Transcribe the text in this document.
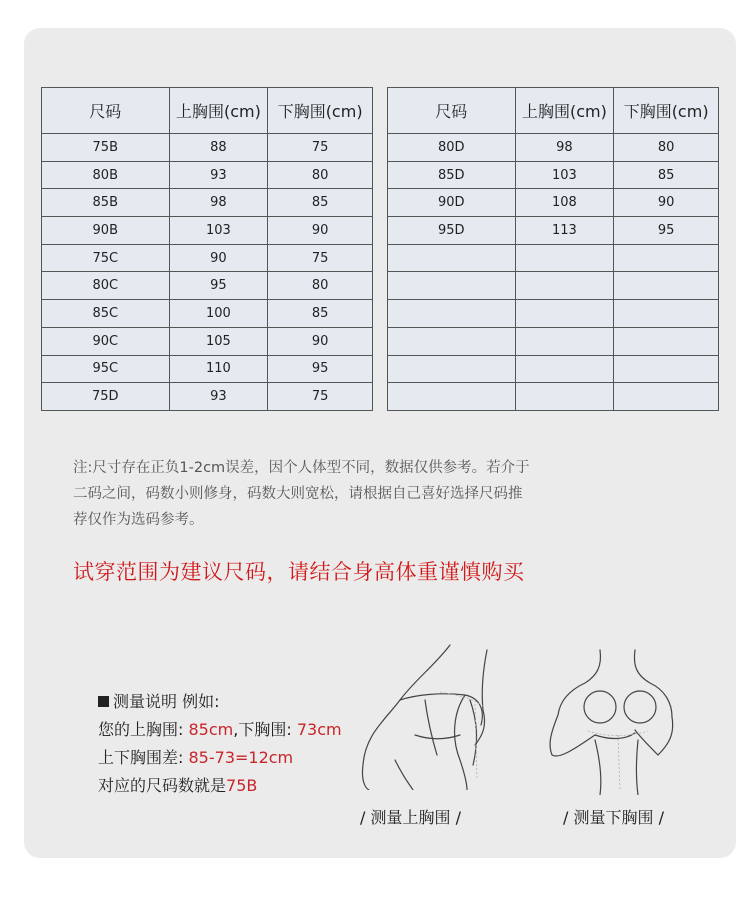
尺码	上胸围(cm)	下胸围(cm)
75B	88	75
80B	93	80
85B	98	85
90B	103	90
75C	90	75
80C	95	80
85C	100	85
90C	105	90
95C	110	95
75D	93	75
尺码	上胸围(cm)	下胸围(cm)
80D	98	80
85D	103	85
90D	108	90
95D	113	95

注:尺寸存在正负1-2cm误差，因个人体型不同，数据仅供参考。若介于
二码之间，码数小则修身，码数大则宽松，请根据自己喜好选择尺码推
荐仅作为选码参考。
试穿范围为建议尺码，请结合身高体重谨慎购买
测量说明 例如:
您的上胸围: 85cm,下胸围: 73cm
上下胸围差: 85-73=12cm
对应的尺码数就是75B
/ 测量上胸围 /	/ 测量下胸围 /
